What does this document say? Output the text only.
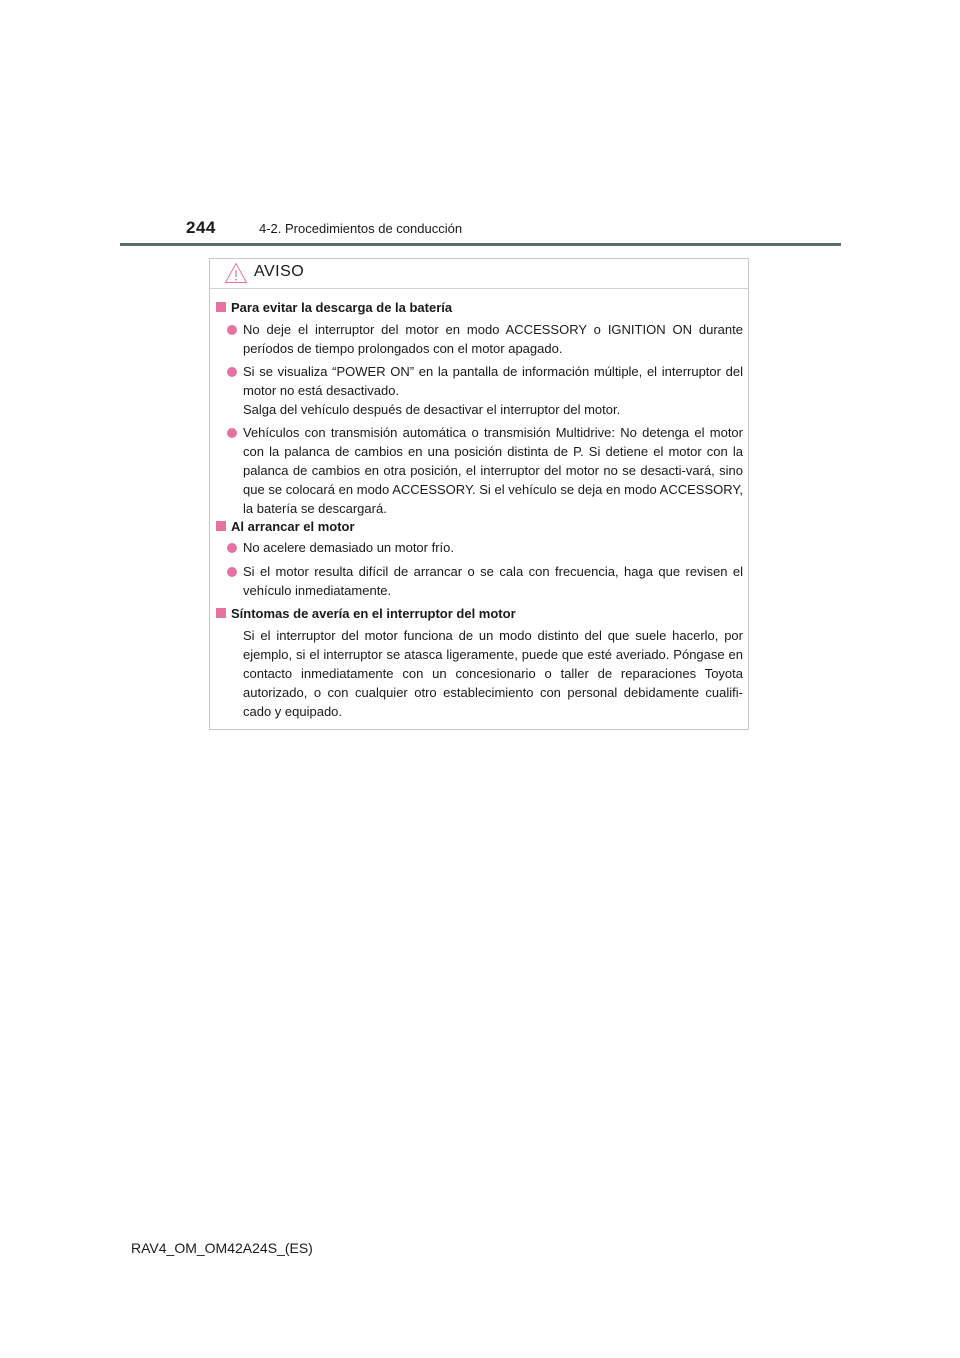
244	4-2. Procedimientos de conducción
AVISO
Para evitar la descarga de la batería
No deje el interruptor del motor en modo ACCESSORY o IGNITION ON durante períodos de tiempo prolongados con el motor apagado.
Si se visualiza “POWER ON” en la pantalla de información múltiple, el interruptor del motor no está desactivado.
Salga del vehículo después de desactivar el interruptor del motor.
Vehículos con transmisión automática o transmisión Multidrive: No detenga el motor con la palanca de cambios en una posición distinta de P. Si detiene el motor con la palanca de cambios en otra posición, el interruptor del motor no se desacti-vará, sino que se colocará en modo ACCESSORY. Si el vehículo se deja en modo ACCESSORY, la batería se descargará.
Al arrancar el motor
No acelere demasiado un motor frío.
Si el motor resulta difícil de arrancar o se cala con frecuencia, haga que revisen el vehículo inmediatamente.
Síntomas de avería en el interruptor del motor
Si el interruptor del motor funciona de un modo distinto del que suele hacerlo, por ejemplo, si el interruptor se atasca ligeramente, puede que esté averiado. Póngase en contacto inmediatamente con un concesionario o taller de reparaciones Toyota autorizado, o con cualquier otro establecimiento con personal debidamente cualifi-cado y equipado.
RAV4_OM_OM42A24S_(ES)
